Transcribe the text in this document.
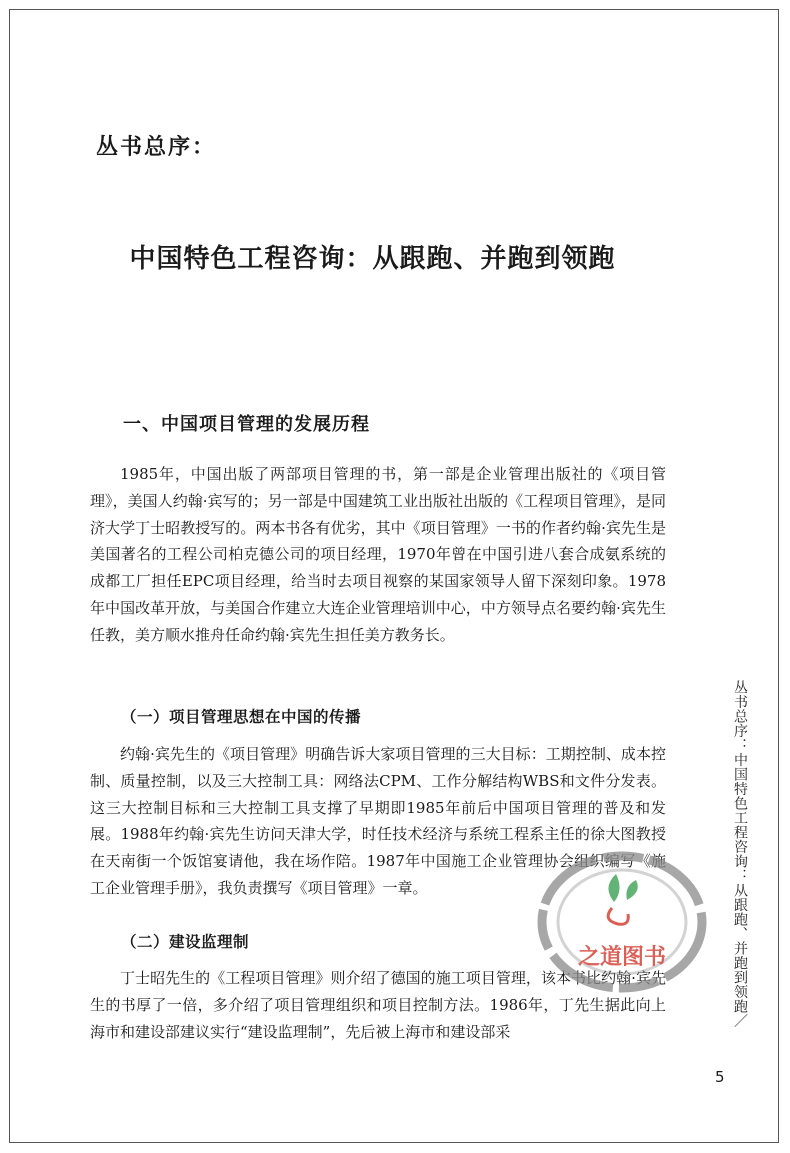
丛书总序：
中国特色工程咨询：从跟跑、并跑到领跑
一、中国项目管理的发展历程

1985年，中国出版了两部项目管理的书，第一部是企业管理出版社的《项目管理》，美国人约翰·宾写的；另一部是中国建筑工业出版社出版的《工程项目管理》，是同济大学丁士昭教授写的。两本书各有优劣，其中《项目管理》一书的作者约翰·宾先生是美国著名的工程公司柏克德公司的项目经理，1970年曾在中国引进八套合成氨系统的成都工厂担任EPC项目经理，给当时去项目视察的某国家领导人留下深刻印象。1978年中国改革开放，与美国合作建立大连企业管理培训中心，中方领导点名要约翰·宾先生任教，美方顺水推舟任命约翰·宾先生担任美方教务长。

（一）项目管理思想在中国的传播

约翰·宾先生的《项目管理》明确告诉大家项目管理的三大目标：工期控制、成本控制、质量控制，以及三大控制工具：网络法CPM、工作分解结构WBS和文件分发表。这三大控制目标和三大控制工具支撑了早期即1985年前后中国项目管理的普及和发展。1988年约翰·宾先生访问天津大学，时任技术经济与系统工程系主任的徐大图教授在天南街一个饭馆宴请他，我在场作陪。1987年中国施工企业管理协会组织编写《施工企业管理手册》，我负责撰写《项目管理》一章。

（二）建设监理制

丁士昭先生的《工程项目管理》则介绍了德国的施工项目管理，该本书比约翰·宾先生的书厚了一倍，多介绍了项目管理组织和项目控制方法。1986年，丁先生据此向上海市和建设部建议实行“建设监理制”，先后被上海市和建设部采

丛书总序：中国特色工程咨询：从跟跑、并跑到领跑／
5
之道图书
